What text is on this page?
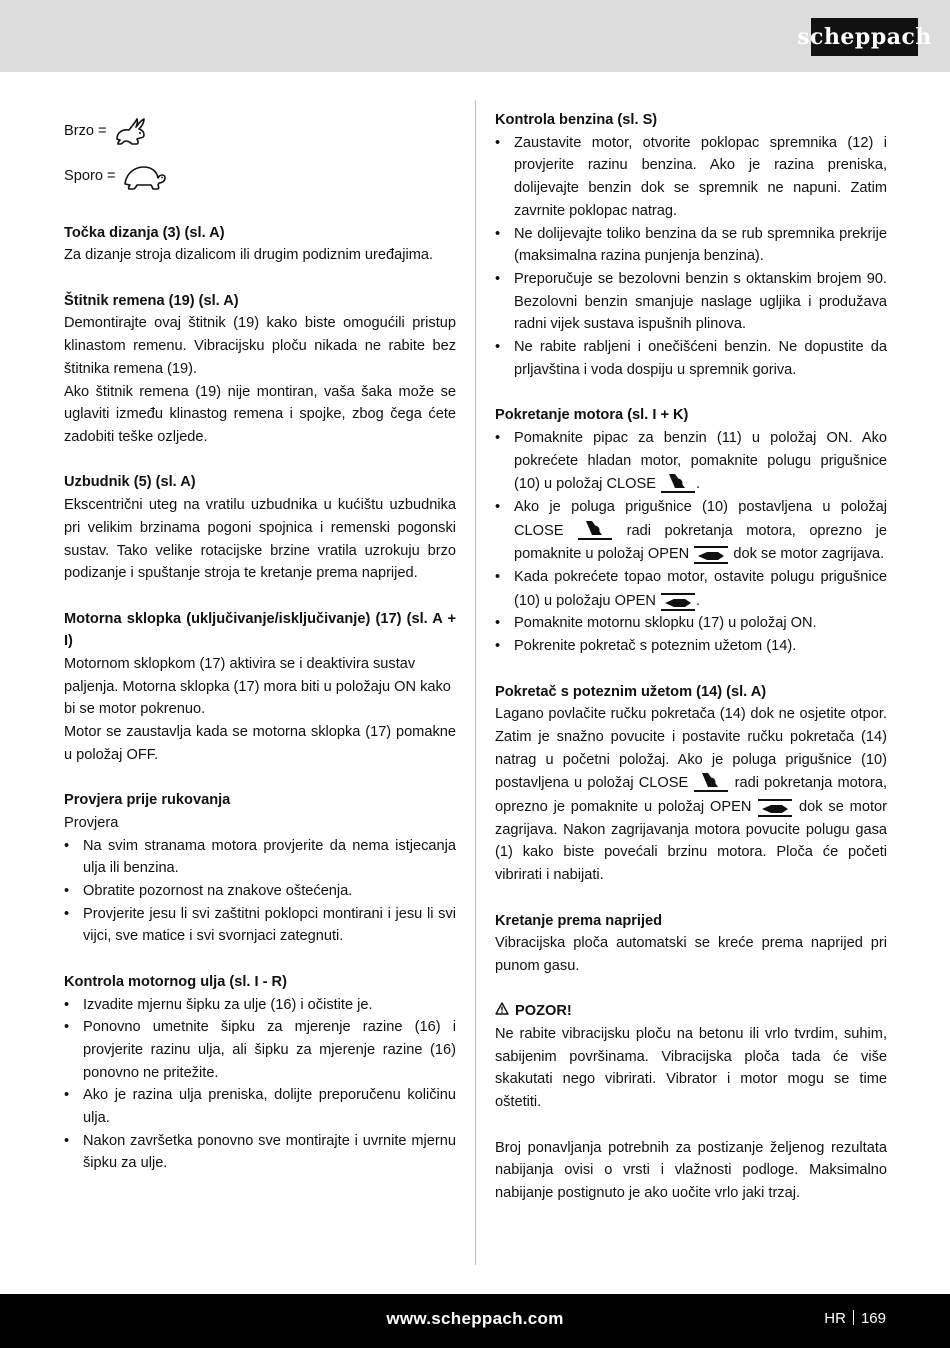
scheppach
Brzo =
Sporo =
Točka dizanja (3) (sl. A)

Za dizanje stroja dizalicom ili drugim podiznim uređajima.

Štitnik remena (19) (sl. A)

Demontirajte ovaj štitnik (19) kako biste omogućili pristup klinastom remenu. Vibracijsku ploču nikada ne rabite bez štitnika remena (19).

Ako štitnik remena (19) nije montiran, vaša šaka može se uglaviti između klinastog remena i spojke, zbog čega ćete zadobiti teške ozljede.

Uzbudnik (5) (sl. A)

Ekscentrični uteg na vratilu uzbudnika u kućištu uzbudnika pri velikim brzinama pogoni spojnica i remenski pogonski sustav. Tako velike rotacijske brzine vratila uzrokuju brzo podizanje i spuštanje stroja te kretanje prema naprijed.

Motorna sklopka (uključivanje/isključivanje) (17) (sl. A + I)

Motornom sklopkom (17) aktivira se i deaktivira sustav paljenja. Motorna sklopka (17) mora biti u položaju ON kako bi se motor pokrenuo.

Motor se zaustavlja kada se motorna sklopka (17) pomakne u položaj OFF.

Provjera prije rukovanja

Provjera

• Na svim stranama motora provjerite da nema istjecanja ulja ili benzina.
• Obratite pozornost na znakove oštećenja.
• Provjerite jesu li svi zaštitni poklopci montirani i jesu li svi vijci, sve matice i svi svornjaci zategnuti.
Kontrola motornog ulja (sl. I - R)
• Izvadite mjernu šipku za ulje (16) i očistite je.
• Ponovno umetnite šipku za mjerenje razine (16) i provjerite razinu ulja, ali šipku za mjerenje razine (16) ponovno ne pritežite.
• Ako je razina ulja preniska, dolijte preporučenu količinu ulja.
• Nakon završetka ponovno sve montirajte i uvrnite mjernu šipku za ulje.
Kontrola benzina (sl. S)
• Zaustavite motor, otvorite poklopac spremnika (12) i provjerite razinu benzina. Ako je razina preniska, dolijevajte benzin dok se spremnik ne napuni. Zatim zavrnite poklopac natrag.
• Ne dolijevajte toliko benzina da se rub spremnika prekrije (maksimalna razina punjenja benzina).
• Preporučuje se bezolovni benzin s oktanskim brojem 90. Bezolovni benzin smanjuje naslage ugljika i produžava radni vijek sustava ispušnih plinova.
• Ne rabite rabljeni i onečišćeni benzin. Ne dopustite da prljavština i voda dospiju u spremnik goriva.
Pokretanje motora (sl. I + K)
• Pomaknite pipac za benzin (11) u položaj ON. Ako pokrećete hladan motor, pomaknite polugu prigušnice (10) u položaj CLOSE	.
• Ako je poluga prigušnice (10) postavljena u položaj CLOSE	radi pokretanja motora, oprezno je pomaknite u položaj OPEN	dok se motor zagrijava.
• Kada pokrećete topao motor, ostavite polugu prigušnice (10) u položaju OPEN	.
• Pomaknite motornu sklopku (17) u položaj ON.
• Pokrenite pokretač s poteznim užetom (14).
Pokretač s poteznim užetom (14) (sl. A)

Lagano povlačite ručku pokretača (14) dok ne osjetite otpor. Zatim je snažno povucite i postavite ručku pokretača (14) natrag u početni položaj. Ako je poluga prigušnice (10) postavljena u položaj CLOSE	radi pokretanja motora, oprezno je pomaknite u položaj OPEN	dok se motor zagrijava. Nakon zagrijavanja motora povucite polugu gasa (1) kako biste povećali brzinu motora. Ploča će početi vibrirati i nabijati.

Kretanje prema naprijed

Vibracijska ploča automatski se kreće prema naprijed pri punom gasu.

POZOR!

Ne rabite vibracijsku ploču na betonu ili vrlo tvrdim, suhim, sabijenim površinama. Vibracijska ploča tada će više skakutati nego vibrirati. Vibrator i motor mogu se time oštetiti.

Broj ponavljanja potrebnih za postizanje željenog rezultata nabijanja ovisi o vrsti i vlažnosti podloge. Maksimalno nabijanje postignuto je ako uočite vrlo jaki trzaj.

www.scheppach.com	HR 169
